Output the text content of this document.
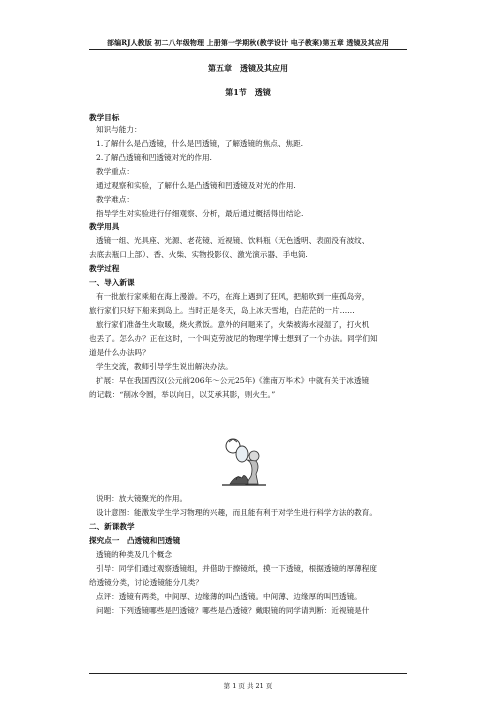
部编RJ人教版 初二八年级物理 上册第一学期秋(教学设计 电子教案)第五章 透镜及其应用
第五章　透镜及其应用
第1节　透镜
教学目标
知识与能力：
1.了解什么是凸透镜，什么是凹透镜，了解透镜的焦点、焦距.
2.了解凸透镜和凹透镜对光的作用.
教学重点：
通过观察和实验，了解什么是凸透镜和凹透镜及对光的作用.
教学难点：
指导学生对实验进行仔细观察、分析，最后通过概括得出结论.
教学用具
透镜一组、光具座、光源、老花镜、近视镜、饮料瓶（无色透明、表面没有波纹、
去底去瓶口上部）、香、火柴、实物投影仪、激光演示器、手电筒.
教学过程
一、导入新课
有一批旅行家乘船在海上漫游。不巧，在海上遇到了狂风，把船吹到一座孤岛旁，
旅行家们只好下船来到岛上。当时正是冬天，岛上冰天雪地，白茫茫的一片……
旅行家们准备生火取暖，烧火煮饭。意外的问题来了，火柴被海水浸湿了，打火机
也丢了。怎么办？正在这时，一个叫克劳波尼的物理学博士想到了一个办法。同学们知
道是什么办法吗？
学生交流，教师引导学生说出解决办法。
扩展：早在我国西汉(公元前206年～公元25年)《淮南万毕术》中就有关于冰透镜
的记载：“削冰令圆，举以向日，以艾承其影，则火生。”
说明：放大镜聚光的作用。
设计意图：能激发学生学习物理的兴趣，而且能有利于对学生进行科学方法的教育。
二、新课教学
探究点一　凸透镜和凹透镜
透镜的种类及几个概念
引导：同学们通过观察透镜组，并借助于擦镜纸，摸一下透镜，根据透镜的厚薄程度
给透镜分类，讨论透镜能分几类？
点评：透镜有两类，中间厚、边缘薄的叫凸透镜。中间薄、边缘厚的叫凹透镜。
问题：下列透镜哪些是凹透镜？哪些是凸透镜？戴眼镜的同学请判断：近视镜是什
第 1 页 共 21 页
